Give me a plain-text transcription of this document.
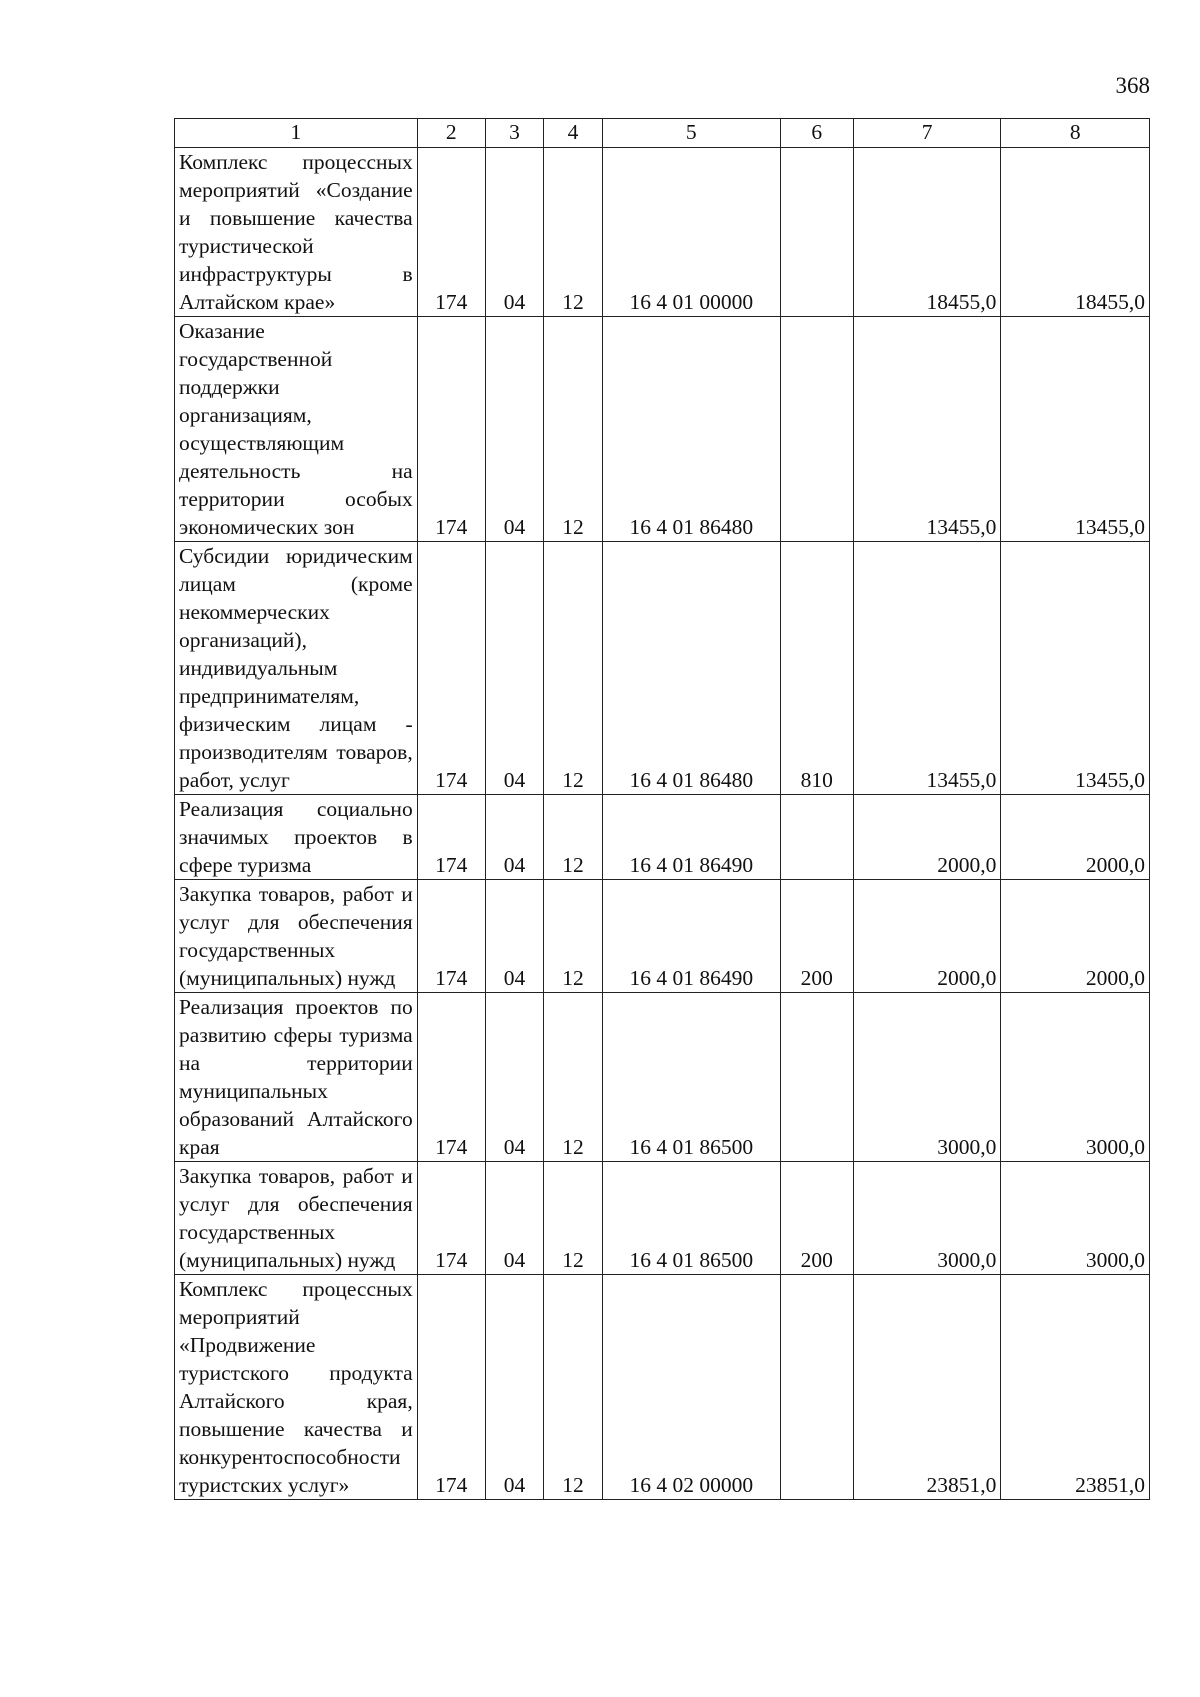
368
1	2	3	4	5	6	7	8
Комплекс процессных мероприятий «Создание и повышение качества туристической инфраструктуры в Алтайском крае»	174	04	12	16 4 01 00000		18455,0	18455,0
Оказание государственной поддержки организациям, осуществляющим деятельность на территории особых экономических зон	174	04	12	16 4 01 86480		13455,0	13455,0
Субсидии юридическим лицам (кроме некоммерческих организаций), индивидуальным предпринимателям, физическим лицам - производителям товаров, работ, услуг	174	04	12	16 4 01 86480	810	13455,0	13455,0
Реализация социально значимых проектов в сфере туризма	174	04	12	16 4 01 86490		2000,0	2000,0
Закупка товаров, работ и услуг для обеспечения государственных (муниципальных) нужд	174	04	12	16 4 01 86490	200	2000,0	2000,0
Реализация проектов по развитию сферы туризма на территории муниципальных образований Алтайского края	174	04	12	16 4 01 86500		3000,0	3000,0
Закупка товаров, работ и услуг для обеспечения государственных (муниципальных) нужд	174	04	12	16 4 01 86500	200	3000,0	3000,0
Комплекс процессных мероприятий «Продвижение туристского продукта Алтайского края, повышение качества и конкурентоспособности туристских услуг»	174	04	12	16 4 02 00000		23851,0	23851,0
